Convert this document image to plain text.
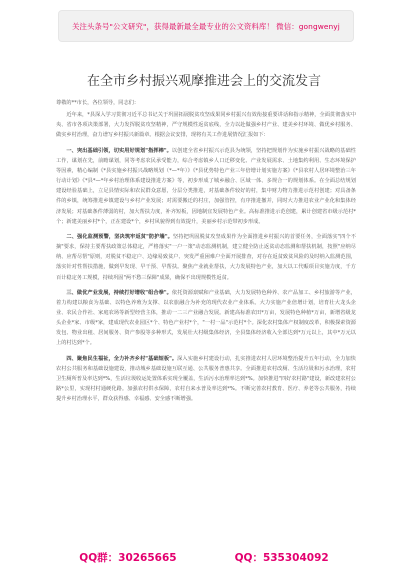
关注头条号"公文研究"，获得最新最全最专业的公文资料库！ 微信：gongwenyj
在全市乡村振兴观摩推进会上的交流发言

尊敬的**市长，各位领导，同志们：

近年来，*县深入学习贯彻习近平总书记关于巩固拓展脱贫攻坚成果同乡村振兴有效衔接重要讲话和指示精神，全面贯彻落实中央、省市各项决策部署，大力发挥脱贫攻坚精神，严守规模性返贫底线，全力以赴做强乡村产业、建美乡村环境、做优乡村服务、做实乡村治理，奋力谱写乡村振兴新篇章。根据会议安排，现将有关工作进展情况汇报如下：

一、突出基础引领，切实用好规划"指挥棒"。以创建全省乡村振兴示范县为统领，坚持把规划作为实施乡村振兴战略的基础性工作，谋划在先，前瞻谋划，同等考虑农民承受能力，综合考虑镇乡人口迁移变化、产业发展需求、土地集约利用、生态环境保护等因素，精心编制《*县实施乡村振兴战略规划（*—*年）》《*县优势特色产业三年倍增计划实施方案》《*县农村人居环境整治三年行动计划》《*县*—*年乡村治理体系建设推进方案》等，初步形成了城乡融合、区域一体、多规合一的规划体系。在全面总结规划建设经验基础上，立足县情实际和农民群众意愿，分层分类推进，对基础条件较好的村，集中财力物力推进示范村创建；对具备条件的乡镇，统筹推进乡镇建设与乡村产业发展；对需要搬迁的村庄，加强管控，有序推进撤并，同时大力推进农业产业化和集体经济发展；对基础条件薄弱的村，加大帮扶力度，补齐短板，因地制宜发展特色产业。高标准推进示范创建，累计创建省市级示范村*个；新建美丽乡村*个，正在建设*个，乡村风貌得到有效提升，美丽乡村示范带初步形成。

二、强化监测预警，坚决筑牢返贫"防护墙"。坚持把巩固脱贫攻坚成果作为全面推进乡村振兴的首要任务，全面落实"四个不摘"要求，保持主要帮扶政策总体稳定，严格落实"一户一策"动态监测机制，建立健全防止返贫动态监测和帮扶机制，按照"应纳尽纳、应帮尽帮"原则，对脱贫不稳定户、边缘易致贫户、突发严重困难户全面开展排查，对存在返贫致贫风险的及时纳入监测范围，落实针对性帮扶措施，做到早发现、早干预、早帮扶。聚焦产业就业帮扶，大力发展特色产业，加大以工代赈项目实施力度，千方百计稳定务工规模，持续巩固"两不愁三保障"成果，确保不出现规模性返贫。

三、做优产业发展，持续打好增收"组合拳"。依托资源禀赋和产业基础，大力发展特色种养、农产品加工、乡村旅游等产业，着力构建以粮食为基础、以特色养殖为支撑、以农旅融合为补充的现代农业产业体系。大力实施产业倍增计划，培育壮大龙头企业、农民合作社、家庭农场等新型经营主体，推动一二三产业融合发展。新建高标准农田*万亩，发展特色种植*万亩，新增省级龙头企业*家、市级*家，建成现代农业园区*个、特色产业村*个，"一村一品"示范村*个。深化农村集体产权制度改革，积极探索资源发包、物业出租、居间服务、资产参股等多种形式，发展壮大村级集体经济，全县集体经济收入全部达到*万元以上，其中*万元以上的村达到*个。

四、聚焦民生福祉，全力补齐乡村"基础短板"。深入实施乡村建设行动，扎实推进农村人居环境整治提升五年行动，全力加快农村公共服务和基础设施建设，推动城乡基础设施互联互通、公共服务普惠共享。全面推进农村改厕、生活垃圾和污水治理，农村卫生厕所普及率达到*%，生活垃圾收运处置体系实现全覆盖，生活污水治理率达到*%。加快推进"四好农村路"建设，新改建农村公路*公里，实现村村通硬化路。加强农村供水保障，农村自来水普及率达到*%。不断完善农村教育、医疗、养老等公共服务，持续提升乡村治理水平，群众获得感、幸福感、安全感不断增强。

QQ群：30265665	QQ：535304092
